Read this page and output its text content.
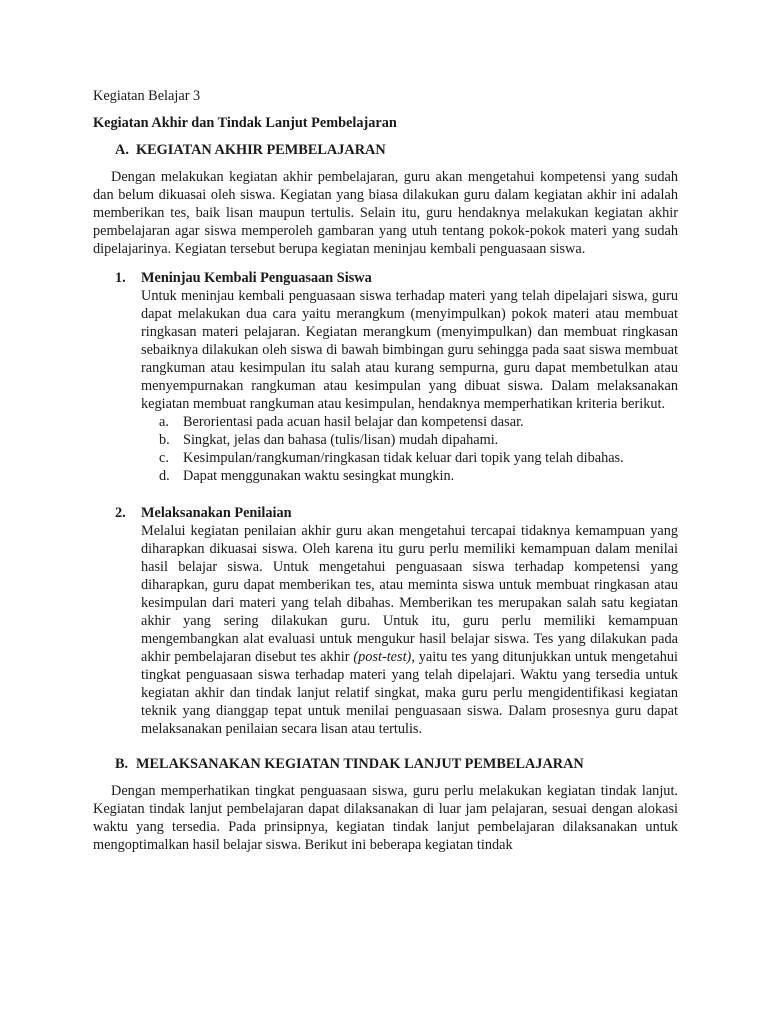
Kegiatan Belajar 3

Kegiatan Akhir dan Tindak Lanjut Pembelajaran

A. KEGIATAN AKHIR PEMBELAJARAN

Dengan melakukan kegiatan akhir pembelajaran, guru akan mengetahui kompetensi yang sudah dan belum dikuasai oleh siswa. Kegiatan yang biasa dilakukan guru dalam kegiatan akhir ini adalah memberikan tes, baik lisan maupun tertulis. Selain itu, guru hendaknya melakukan kegiatan akhir pembelajaran agar siswa memperoleh gambaran yang utuh tentang pokok-pokok materi yang sudah dipelajarinya. Kegiatan tersebut berupa kegiatan meninjau kembali penguasaan siswa.

1.	Meninjau Kembali Penguasaan Siswa
Untuk meninjau kembali penguasaan siswa terhadap materi yang telah dipelajari siswa, guru dapat melakukan dua cara yaitu merangkum (menyimpulkan) pokok materi atau membuat ringkasan materi pelajaran. Kegiatan merangkum (menyimpulkan) dan membuat ringkasan sebaiknya dilakukan oleh siswa di bawah bimbingan guru sehingga pada saat siswa membuat rangkuman atau kesimpulan itu salah atau kurang sempurna, guru dapat membetulkan atau menyempurnakan rangkuman atau kesimpulan yang dibuat siswa. Dalam melaksanakan kegiatan membuat rangkuman atau kesimpulan, hendaknya memperhatikan kriteria berikut.
a. Berorientasi pada acuan hasil belajar dan kompetensi dasar.
b. Singkat, jelas dan bahasa (tulis/lisan) mudah dipahami.
c. Kesimpulan/rangkuman/ringkasan tidak keluar dari topik yang telah dibahas.
d. Dapat menggunakan waktu sesingkat mungkin.
2.	Melaksanakan Penilaian
Melalui kegiatan penilaian akhir guru akan mengetahui tercapai tidaknya kemampuan yang diharapkan dikuasai siswa. Oleh karena itu guru perlu memiliki kemampuan dalam menilai hasil belajar siswa. Untuk mengetahui penguasaan siswa terhadap kompetensi yang diharapkan, guru dapat memberikan tes, atau meminta siswa untuk membuat ringkasan atau kesimpulan dari materi yang telah dibahas. Memberikan tes merupakan salah satu kegiatan akhir yang sering dilakukan guru. Untuk itu, guru perlu memiliki kemampuan mengembangkan alat evaluasi untuk mengukur hasil belajar siswa. Tes yang dilakukan pada akhir pembelajaran disebut tes akhir (post-test), yaitu tes yang ditunjukkan untuk mengetahui tingkat penguasaan siswa terhadap materi yang telah dipelajari. Waktu yang tersedia untuk kegiatan akhir dan tindak lanjut relatif singkat, maka guru perlu mengidentifikasi kegiatan teknik yang dianggap tepat untuk menilai penguasaan siswa. Dalam prosesnya guru dapat melaksanakan penilaian secara lisan atau tertulis.
B. MELAKSANAKAN KEGIATAN TINDAK LANJUT PEMBELAJARAN

Dengan memperhatikan tingkat penguasaan siswa, guru perlu melakukan kegiatan tindak lanjut. Kegiatan tindak lanjut pembelajaran dapat dilaksanakan di luar jam pelajaran, sesuai dengan alokasi waktu yang tersedia. Pada prinsipnya, kegiatan tindak lanjut pembelajaran dilaksanakan untuk mengoptimalkan hasil belajar siswa. Berikut ini beberapa kegiatan tindak
